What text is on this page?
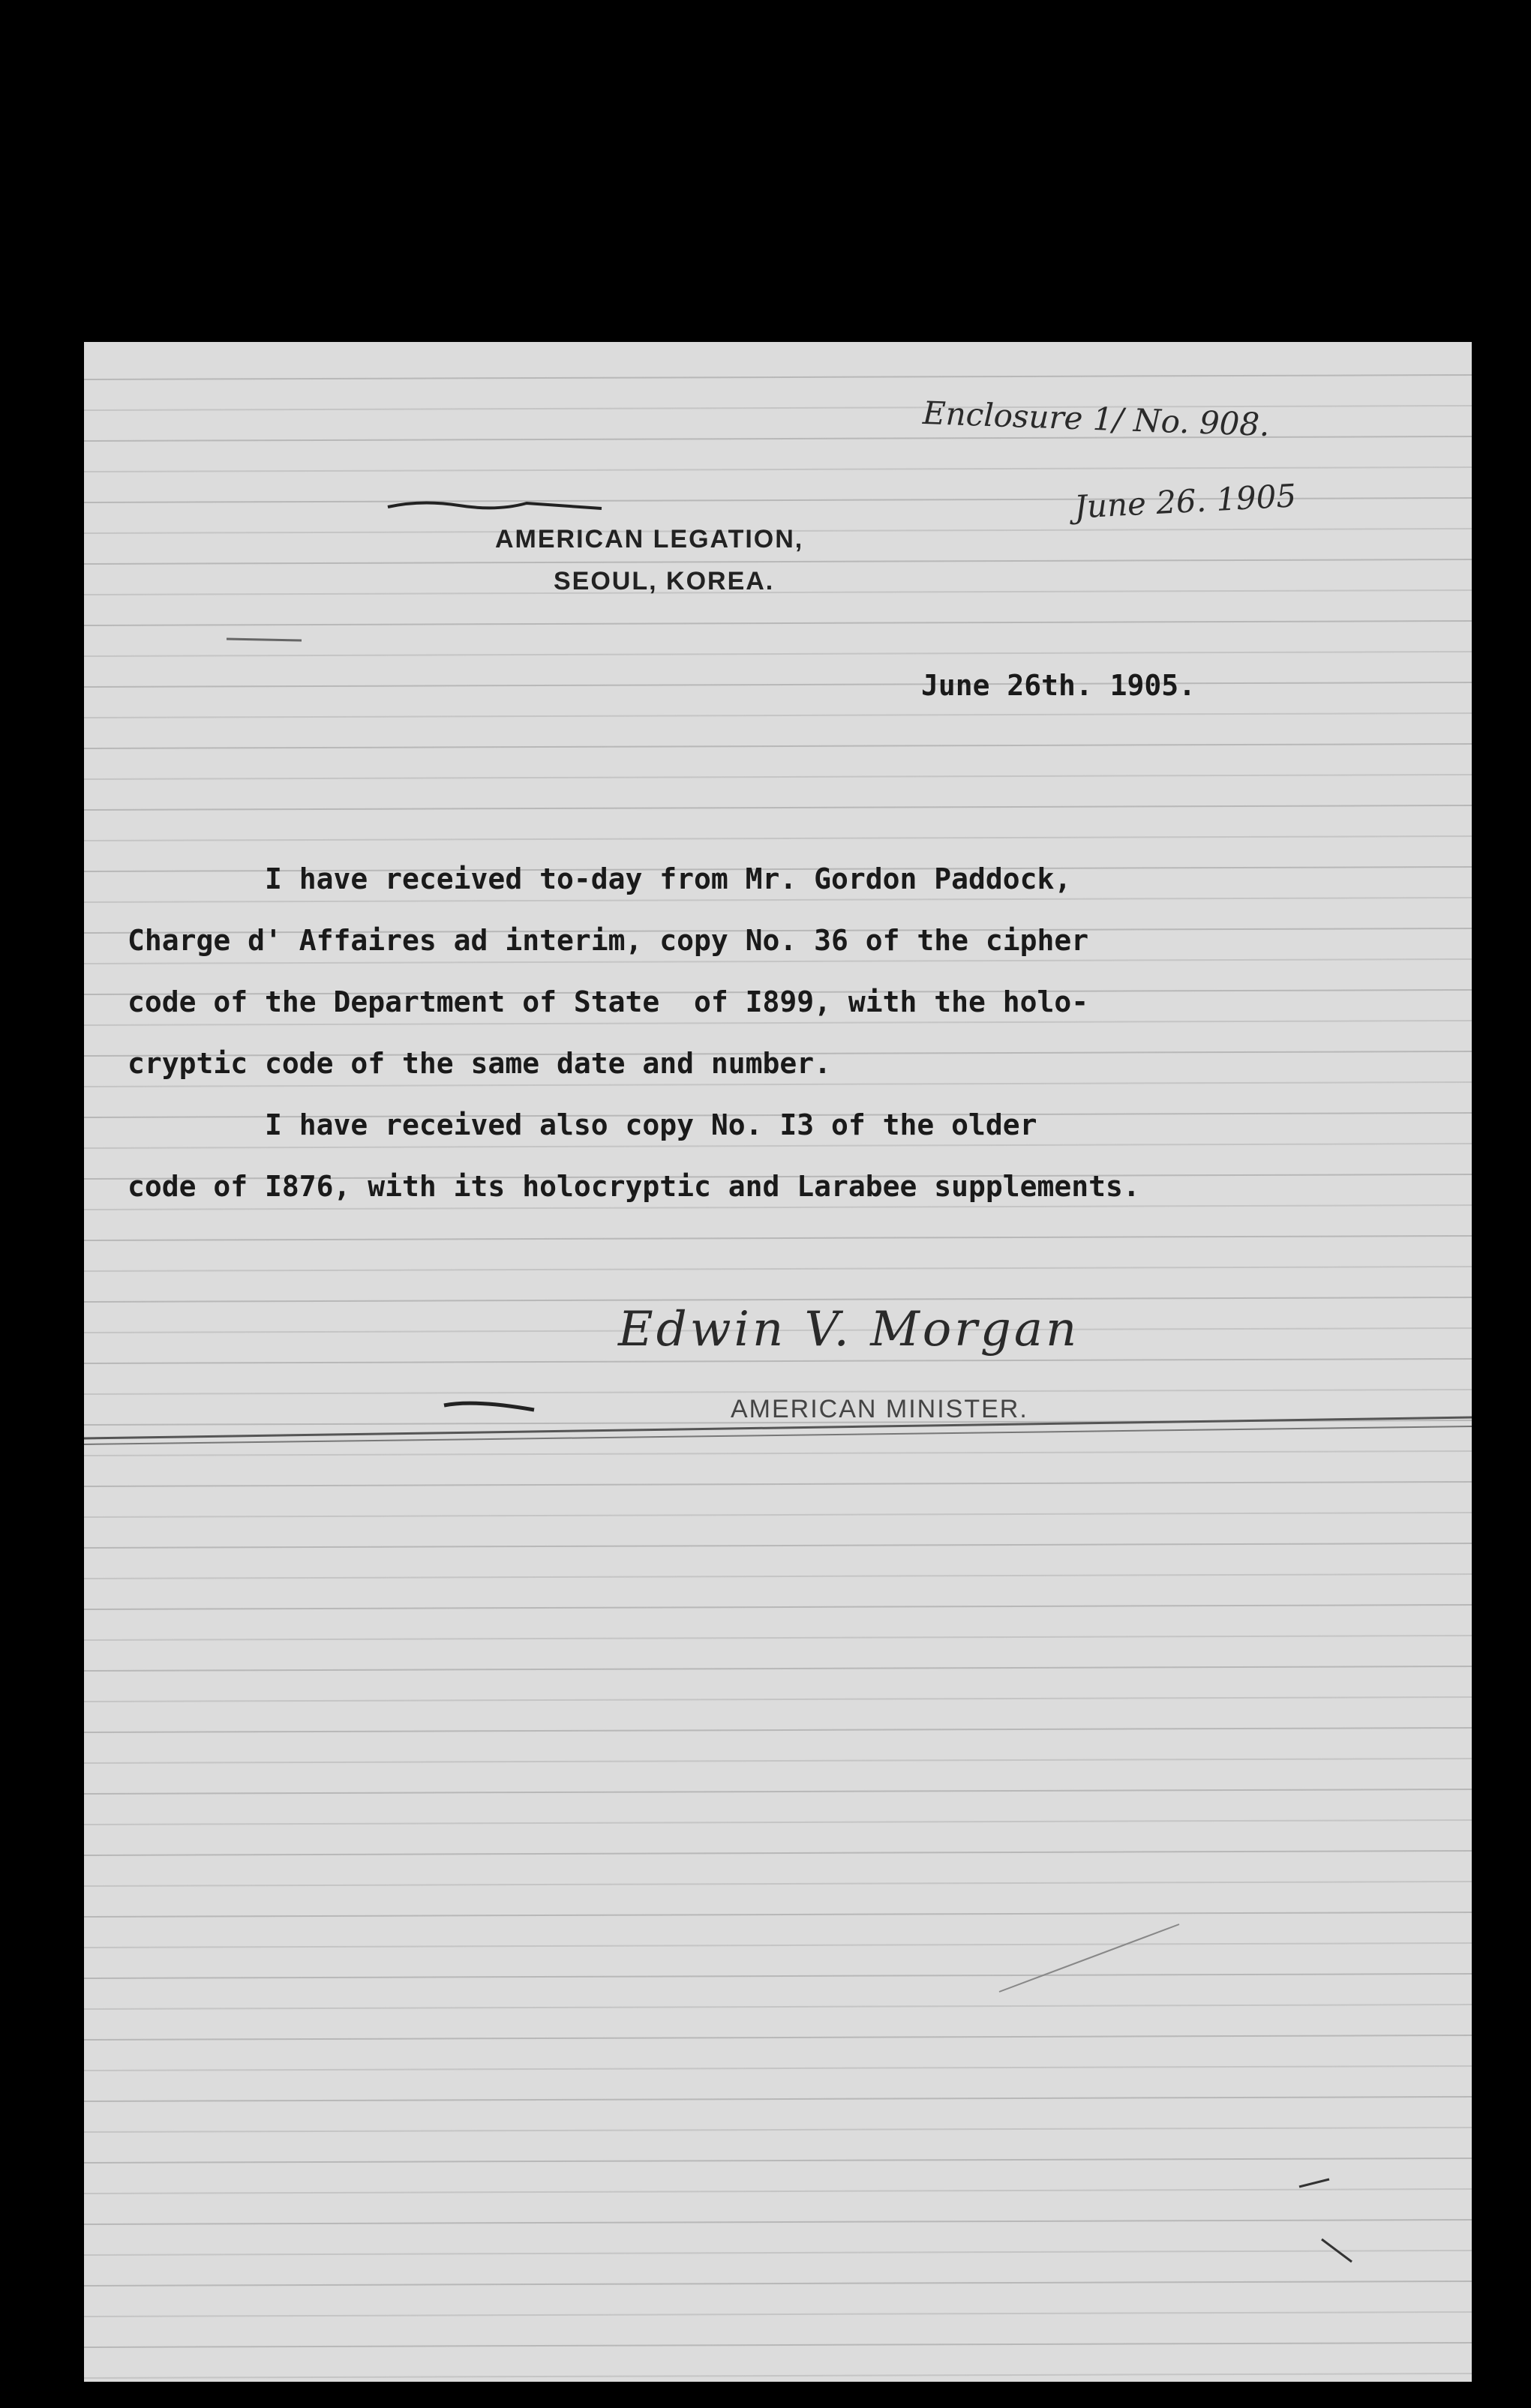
Enclosure 1/ No. 908.
June 26. 1905
AMERICAN LEGATION,
SEOUL, KOREA.
June 26th. 1905.
I have received to-day from Mr. Gordon Paddock,
Charge d' Affaires ad interim, copy No. 36 of the cipher
code of the Department of State  of I899, with the holo-
cryptic code of the same date and number.
I have received also copy No. I3 of the older
code of I876, with its holocryptic and Larabee supplements.
Edwin V. Morgan
AMERICAN MINISTER.
